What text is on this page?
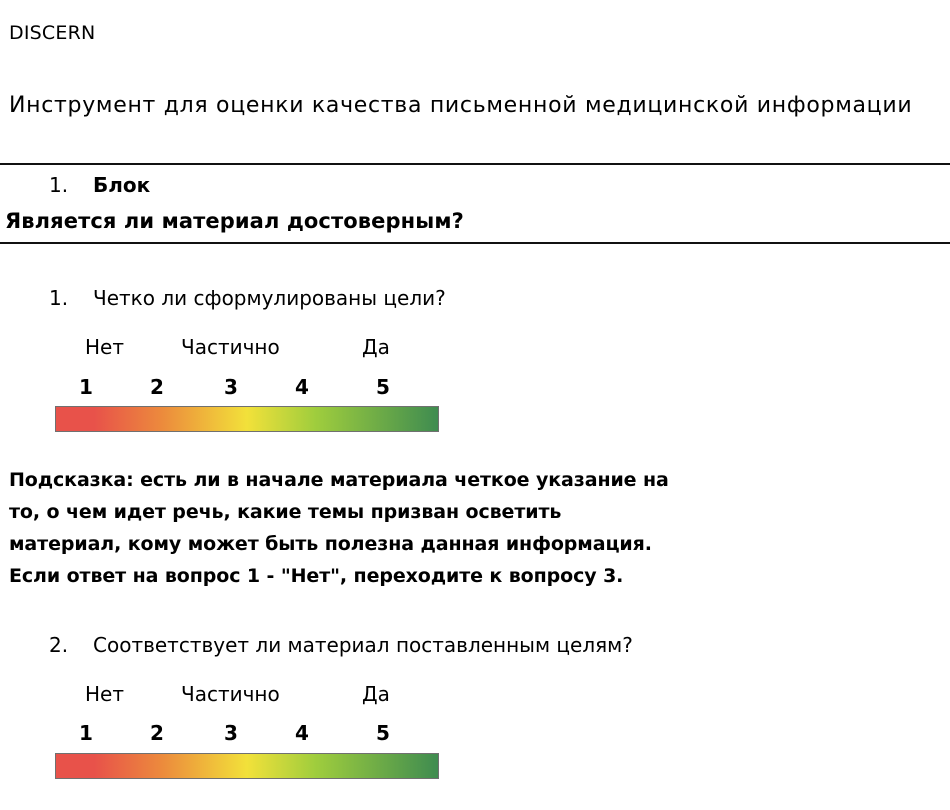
DISCERN
Инструмент для оценки качества письменной медицинской информации
1. Блок
Является ли материал достоверным?
1. Четко ли сформулированы цели?
Нет	Частично	Да
1	2	3	4	5
Подсказка: есть ли в начале материала четкое указание на
то, о чем идет речь, какие темы призван осветить
материал, кому может быть полезна данная информация.
Если ответ на вопрос 1 - "Нет", переходите к вопросу 3.
2. Соответствует ли материал поставленным целям?
Нет	Частично	Да
1	2	3	4	5
